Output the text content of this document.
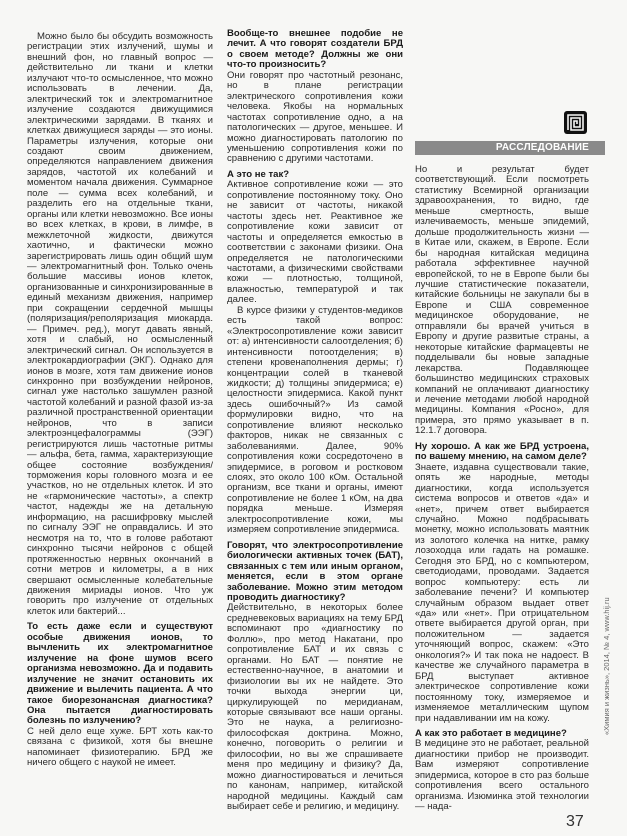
Можно было бы обсудить возможность регистрации этих излучений, шумы и внешний фон, но главный вопрос — действительно ли ткани и клетки излучают что-то осмысленное, что можно использовать в лечении. Да, электрический ток и электромагнитное излучение создаются движущимися электрическими зарядами. В тканях и клетках движущиеся заряды — это ионы. Параметры излучения, которые они создают своим движением, определяются направлением движения зарядов, частотой их колебаний и моментом начала движения. Суммарное поле — сумма всех колебаний, и разделить его на отдельные ткани, органы или клетки невозможно. Все ионы во всех клетках, в крови, в лимфе, в межклеточной жидкости, движутся хаотично, и фактически можно зарегистрировать лишь один общий шум — электромагнитный фон. Только очень большие массивы ионов клеток, организованные и синхронизированные в единый механизм движения, например при сокращении сердечной мышцы (поляризация/реполяризация миокарда. — Примеч. ред.), могут давать явный, хотя и слабый, но осмысленный электрический сигнал. Он используется в электрокардиографии (ЭКГ). Однако для ионов в мозге, хотя там движение ионов синхронно при возбуждении нейронов, сигнал уже настолько зашумлен разной частотой колебаний и разной фазой из-за различной пространственной ориентации нейронов, что в записи электроэнцефалограммы (ЭЭГ) регистрируются лишь частотные ритмы — альфа, бета, гамма, характеризующие общее состояние возбуждения/торможения коры головного мозга и ее участков, но не отдельных клеток. И это не «гармонические частоты», а спектр частот, надежды же на детальную информацию, на расшифровку мыслей по сигналу ЭЭГ не оправдались. И это несмотря на то, что в голове работают синхронно тысячи нейронов с общей протяженностью нервных окончаний в сотни метров и километры, а в них свершают осмысленные колебательные движения мириады ионов. Что уж говорить про излучение от отдельных клеток или бактерий...

То есть даже если и существуют особые движения ионов, то вычленить их электромагнитное излучение на фоне шумов всего организма невозможно. Да и подавить излучение не значит остановить их движение и вылечить пациента. А что такое биорезонансная диагностика? Она пытается диагностировать болезнь по излучению?

С ней дело еще хуже. БРТ хоть как-то связана с физикой, хотя бы внешне напоминает физиотерапию. БРД же ничего общего с наукой не имеет.

Вообще-то внешнее подобие не лечит. А что говорят создатели БРД о своем методе? Должны же они что-то произносить?

Они говорят про частотный резонанс, но в плане регистрации электрического сопротивления кожи человека. Якобы на нормальных частотах сопротивление одно, а на патологических — другое, меньшее. И можно диагностировать патологию по уменьшению сопротивления кожи по сравнению с другими частотами.

А это не так?

Активное сопротивление кожи — это сопротивление постоянному току. Оно не зависит от частоты, никакой частоты здесь нет. Реактивное же сопротивление кожи зависит от частоты и определяется емкостью в соответствии с законами физики. Она определяется не патологическими частотами, а физическими свойствами кожи — плотностью, толщиной, влажностью, температурой и так далее.

В курсе физики у студентов-медиков есть такой вопрос: «Электросопротивление кожи зависит от: а) интенсивности салоотделения; б) интенсивности потоотделения; в) степени кровенаполнения дермы; г) концентрации солей в тканевой жидкости; д) толщины эпидермиса; е) целостности эпидермиса. Какой пункт здесь ошибочный?» Из самой формулировки видно, что на сопротивление влияют несколько факторов, никак не связанных с заболеваниями. Далее, 90% сопротивления кожи сосредоточено в эпидермисе, в роговом и ростковом слоях, это около 100 кОм. Остальной организм, все ткани и органы, имеют сопротивление не более 1 кОм, на два порядка меньше. Измеряя электросопротивление кожи, мы измеряем сопротивление эпидермиса.

Говорят, что электросопротивление биологически активных точек (БАТ), связанных с тем или иным органом, меняется, если в этом органе заболевание. Можно этим методом проводить диагностику?

Действительно, в некоторых более средневековых вариациях на тему БРД вспоминают про «диагностику по Фоллю», про метод Накатани, про сопротивление БАТ и их связь с органами. Но БАТ — понятие не естественно-научное, в анатомии и физиологии вы их не найдете. Это точки выхода энергии ци, циркулирующей по меридианам, которые связывают все наши органы. Это не наука, а религиозно-философская доктрина. Можно, конечно, поговорить о религии и философии, но вы же спрашиваете меня про медицину и физику? Да, можно диагностироваться и лечиться по канонам, например, китайской народной медицины. Каждый сам выбирает себе и религию, и медицину.

РАССЛЕДОВАНИЕ

Но и результат будет соответствующий. Если посмотреть статистику Всемирной организации здравоохранения, то видно, где меньше смертность, выше излечиваемость, меньше эпидемий, дольше продолжительность жизни — в Китае или, скажем, в Европе. Если бы народная китайская медицина работала эффективнее научной европейской, то не в Европе были бы лучшие статистические показатели, китайские больницы не закупали бы в Европе и США современное медицинское оборудование, не отправляли бы врачей учиться в Европу и другие развитые страны, а некоторые китайские фармацевты не подделывали бы новые западные лекарства. Подавляющее большинство медицинских страховых компаний не оплачивают диагностику и лечение методами любой народной медицины. Компания «Росно», для примера, это прямо указывает в п. 12.1.7 договора.

Ну хорошо. А как же БРД устроена, по вашему мнению, на самом деле?

Знаете, издавна существовали такие, опять же народные, методы диагностики, когда используется система вопросов и ответов «да» и «нет», причем ответ выбирается случайно. Можно подбрасывать монетку, можно использовать маятник из золотого колечка на нитке, рамку лозоходца или гадать на ромашке. Сегодня это БРД, но с компьютером, светодиодами, проводами. Задается вопрос компьютеру: есть ли заболевание печени? И компьютер случайным образом выдает ответ «да» или «нет». При отрицательном ответе выбирается другой орган, при положительном — задается уточняющий вопрос, скажем: «Это онкология?» И так пока не надоест. В качестве же случайного параметра в БРД выступает активное электрическое сопротивление кожи постоянному току, измеряемое и изменяемое металлическим щупом при надавливании им на кожу.

А как это работает в медицине?

В медицине это не работает, реальной диагностики прибор не производит. Вам измеряют сопротивление эпидермиса, которое в сто раз больше сопротивления всего остального организма. Изюминка этой технологии — нада-

«Химия и жизнь», 2014, № 4, www.hij.ru
37
